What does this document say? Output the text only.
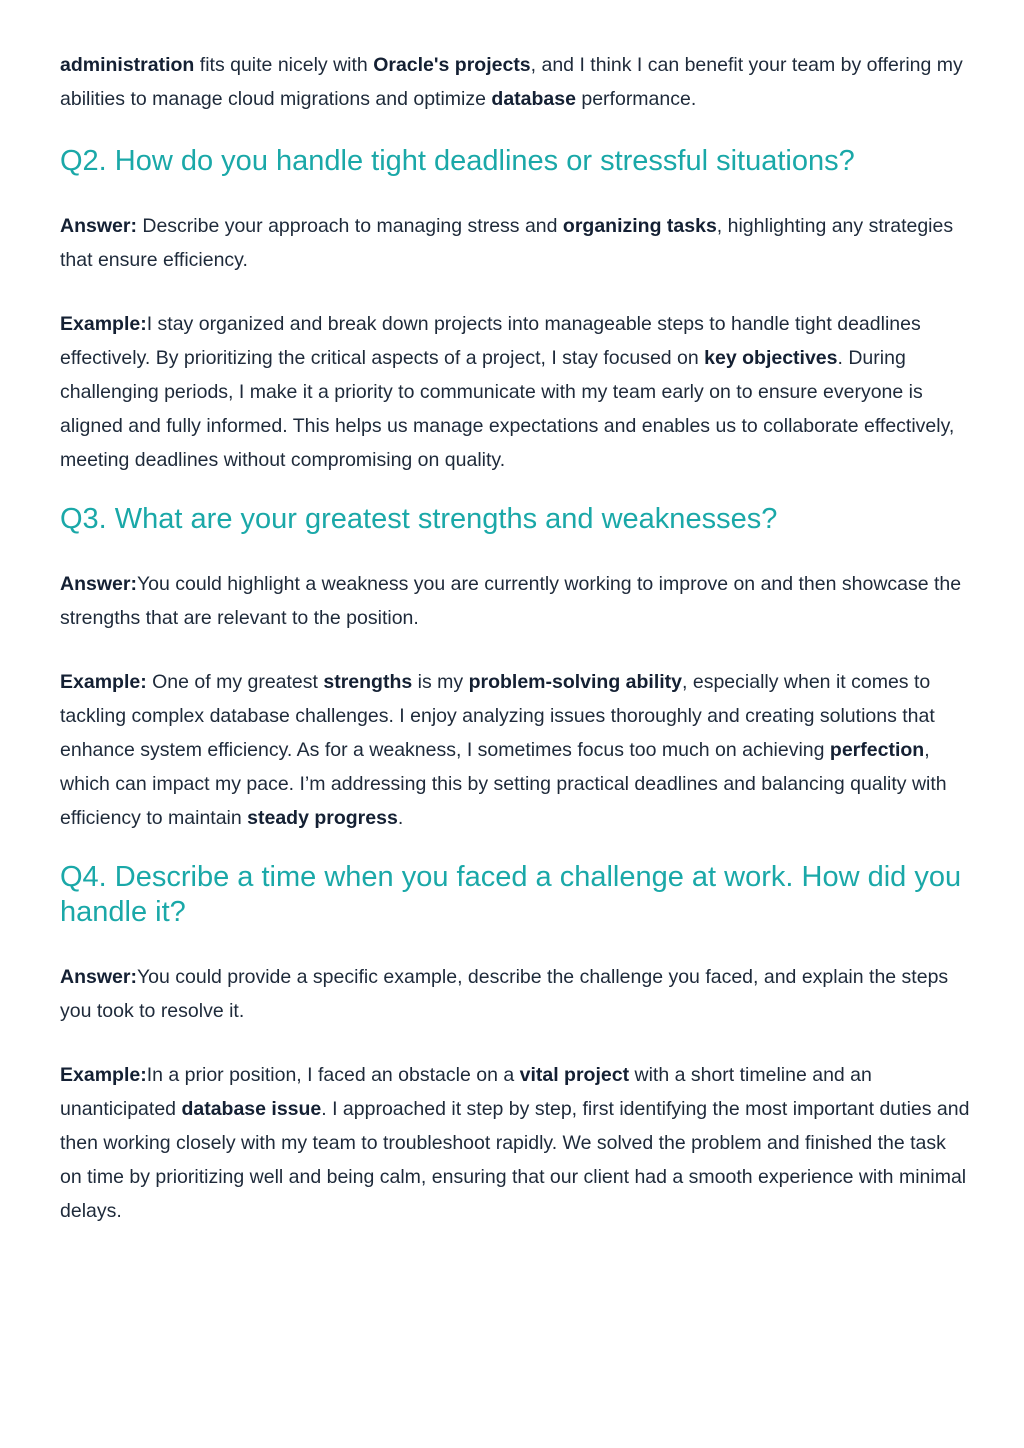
administration fits quite nicely with Oracle's projects, and I think I can benefit your team by offering my abilities to manage cloud migrations and optimize database performance.

Q2. How do you handle tight deadlines or stressful situations?

Answer: Describe your approach to managing stress and organizing tasks, highlighting any strategies that ensure efficiency.

Example:I stay organized and break down projects into manageable steps to handle tight deadlines effectively. By prioritizing the critical aspects of a project, I stay focused on key objectives. During challenging periods, I make it a priority to communicate with my team early on to ensure everyone is aligned and fully informed. This helps us manage expectations and enables us to collaborate effectively, meeting deadlines without compromising on quality.

Q3. What are your greatest strengths and weaknesses?

Answer:You could highlight a weakness you are currently working to improve on and then showcase the strengths that are relevant to the position.

Example: One of my greatest strengths is my problem-solving ability, especially when it comes to tackling complex database challenges. I enjoy analyzing issues thoroughly and creating solutions that enhance system efficiency. As for a weakness, I sometimes focus too much on achieving perfection, which can impact my pace. I’m addressing this by setting practical deadlines and balancing quality with efficiency to maintain steady progress.

Q4. Describe a time when you faced a challenge at work. How did you handle it?

Answer:You could provide a specific example, describe the challenge you faced, and explain the steps you took to resolve it.

Example:In a prior position, I faced an obstacle on a vital project with a short timeline and an unanticipated database issue. I approached it step by step, first identifying the most important duties and then working closely with my team to troubleshoot rapidly. We solved the problem and finished the task on time by prioritizing well and being calm, ensuring that our client had a smooth experience with minimal delays.
